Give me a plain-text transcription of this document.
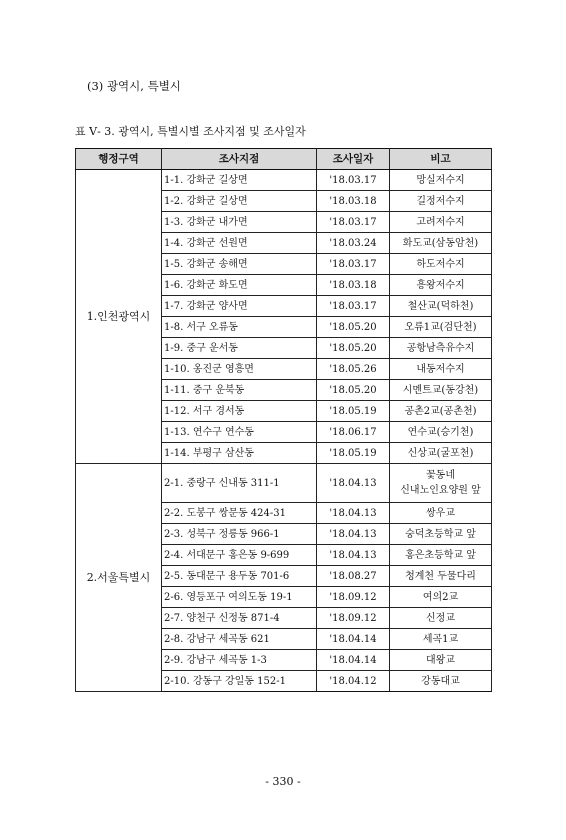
(3) 광역시, 특별시
표 Ⅴ- 3. 광역시, 특별시별 조사지점 및 조사일자
행정구역	조사지점	조사일자	비고
1.인천광역시	1-1. 강화군 길상면	'18.03.17	망실저수지

	1-2. 강화군 길상면	'18.03.18	길정저수지

	1-3. 강화군 내가면	'18.03.17	고려저수지

	1-4. 강화군 선원면	'18.03.24	화도교(삼동암천)

	1-5. 강화군 송해면	'18.03.17	하도저수지

	1-6. 강화군 화도면	'18.03.18	흥왕저수지

	1-7. 강화군 양사면	'18.03.17	철산교(덕하천)

	1-8. 서구 오류동	'18.05.20	오류1교(검단천)

	1-9. 중구 운서동	'18.05.20	공항남측유수지

	1-10. 옹진군 영흥면	'18.05.26	내동저수지

	1-11. 중구 운북동	'18.05.20	시멘트교(동강천)

	1-12. 서구 경서동	'18.05.19	공촌2교(공촌천)

	1-13. 연수구 연수동	'18.06.17	연수교(승기천)

	1-14. 부평구 삼산동	'18.05.19	신상교(굴포천)

2.서울특별시	2-1. 중랑구 신내동 311-1	'18.04.13	꽃동네
신내노인요양원 앞

	2-2. 도봉구 쌍문동 424-31	'18.04.13	쌍우교

	2-3. 성북구 정릉동 966-1	'18.04.13	숭덕초등학교 앞

	2-4. 서대문구 홍은동 9-699	'18.04.13	홍은초등학교 앞

	2-5. 동대문구 용두동 701-6	'18.08.27	청계천 두물다리

	2-6. 영등포구 여의도동 19-1	'18.09.12	여의2교

	2-7. 양천구 신정동 871-4	'18.09.12	신정교

	2-8. 강남구 세곡동 621	'18.04.14	세곡1교

	2-9. 강남구 세곡동 1-3	'18.04.14	대왕교

	2-10. 강동구 강일동 152-1	'18.04.12	강동대교
- 330 -
